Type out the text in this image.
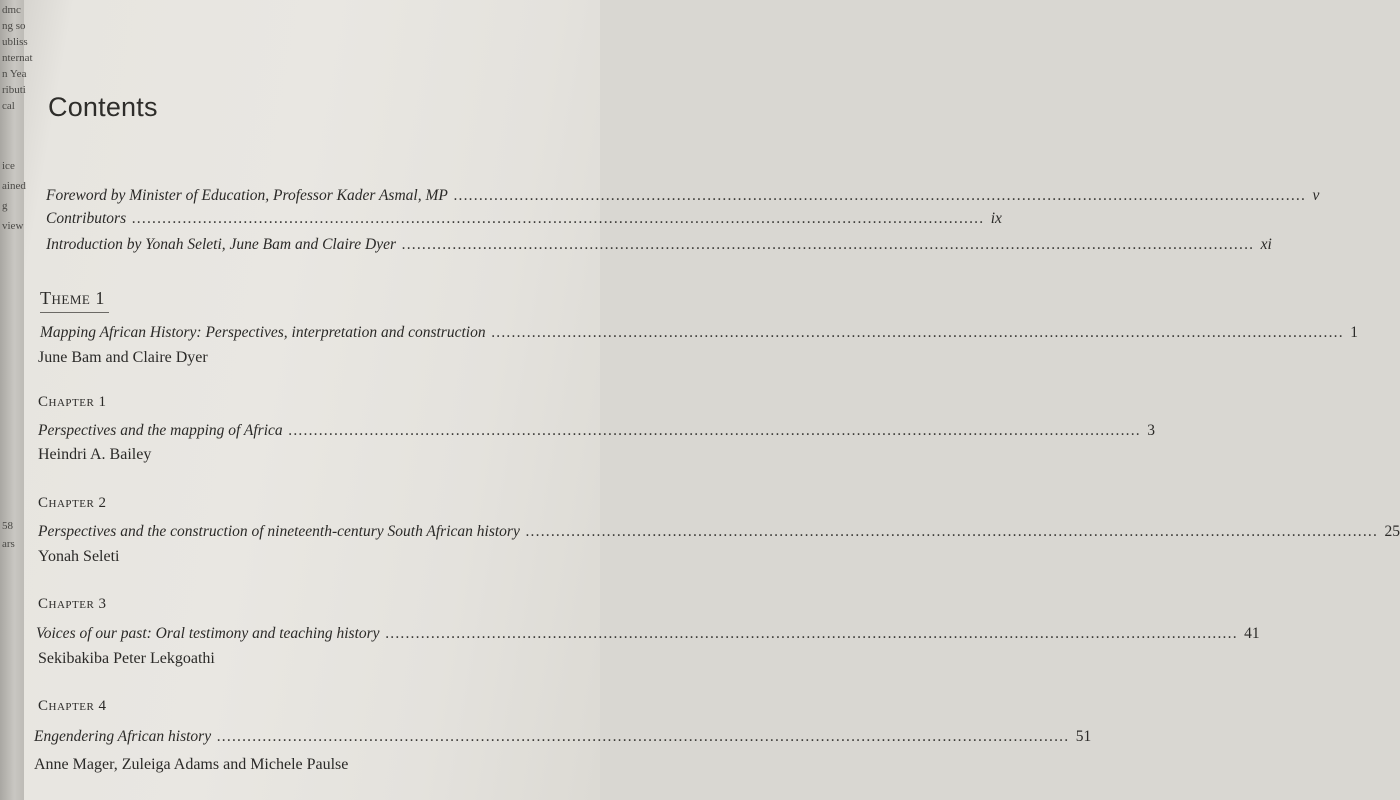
dmc
ng so
ubliss
nternat
n Yea
ributi
cal
ice
ained
g
view
58
ars
Contents
Foreword by Minister of Education, Professor Kader Asmal, MP .....	v
Contributors .....	ix
Introduction by Yonah Seleti, June Bam and Claire Dyer .....	xi
Theme 1
Mapping African History: Perspectives, interpretation and construction .....	1
June Bam and Claire Dyer
Chapter 1
Perspectives and the mapping of Africa .....	3
Heindri A. Bailey
Chapter 2
Perspectives and the construction of nineteenth-century South African history .....	25
Yonah Seleti
Chapter 3
Voices of our past: Oral testimony and teaching history .....	41
Sekibakiba Peter Lekgoathi
Chapter 4
Engendering African history .....	51
Anne Mager, Zuleiga Adams and Michele Paulse
